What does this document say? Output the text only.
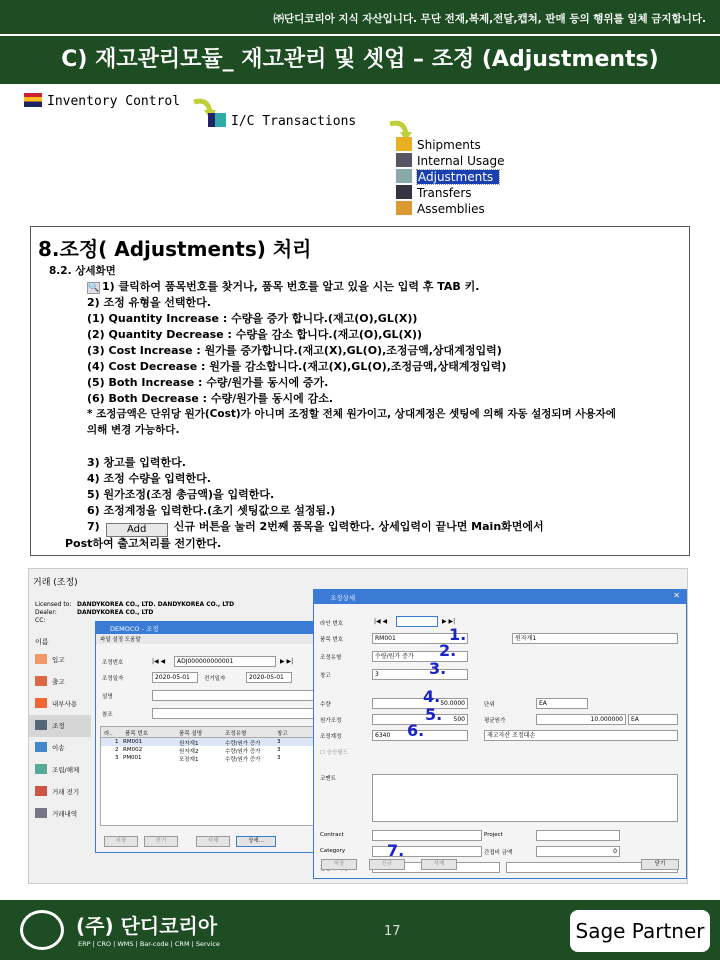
㈜단디코리아 지식 자산입니다. 무단 전재,복제,전달,캡쳐, 판매 등의 행위를 일체 금지합니다.
C) 재고관리모듈_ 재고관리 및 셋업 – 조정 (Adjustments)
Inventory Control
I/C Transactions
Shipments
Internal Usage
Adjustments
Transfers
Assemblies
8.조정( Adjustments) 처리
8.2. 상세화면
🔍 1) 클릭하여 품목번호를 찾거나, 품목 번호를 알고 있을 시는 입력 후 TAB 키.
2) 조정 유형을 선택한다.
(1) Quantity Increase : 수량을 증가 합니다.(재고(O),GL(X))
(2) Quantity Decrease : 수량을 감소 합니다.(재고(O),GL(X))
(3) Cost Increase : 원가를 증가합니다.(재고(X),GL(O),조정금액,상대계정입력)
(4) Cost Decrease : 원가를 감소합니다.(재고(X),GL(O),조정금액,상태계정입력)
(5) Both Increase : 수량/원가를 동시에 증가.
(6) Both Decrease : 수량/원가를 동시에 감소.
* 조정금액은 단위당 원가(Cost)가 아니며 조정할 전체 원가이고, 상대계정은 셋팅에 의해 자동 설정되며 사용자에
의해 변경 가능하다.
3) 창고를 입력한다.
4) 조정 수량을 입력한다.
5) 원가조정(조정 총금액)을 입력한다.
6) 조정계정을 입력한다.(초기 셋팅값으로 설정됨.)
7)	Add 신규 버튼을 눌러 2번째 품목을 입력한다. 상세입력이 끝나면 Main화면에서
Post하여 출고처리를 전기한다.
거래 (조정)
Licensed to:
Dealer:
CC:
DANDYKOREA CO., LTD. DANDYKOREA CO., LTD
DANDYKOREA CO., LTD
이름
입고
출고
내부사용
조정
이송
조립/해체
거래 전기
거래내역
DEMOCO - 조정
파일 설정 도움말
조정번호	|◀ ◀	ADJ000000000001	▶ ▶|
조정일자	2020-05-01	전기일자	2020-05-01
설명
참조
라.. 품목 번호	품목 설명	조정유형	창고
1 RM001	원자재1	수량/원가 증가	3
2 RM002	원자재2	수량/원가 증가	3
3 PM001	포장재1	수량/원가 증가	3
저장	전기	삭제	상세...
조정상세	✕
라인 번호	|◀ ◀	▶ ▶|
품목 번호	RM001	원자재1
조정유형	수량/원가 증가
창고	3
수량	50.0000	단위	EA
원가조정	500	평균원가	10.000000	EA
조정계정	6340	재고자산 조정대손
☐ 승산필드
코멘트
Contract	Project
Category	간접비 금액	0
저장	신규	삭제	닫기
1.
2.
3.
4.
5.
6.
7.
(주) 단디코리아
ERP | CRO | WMS | Bar-code | CRM | Service
17	Sage Partner
